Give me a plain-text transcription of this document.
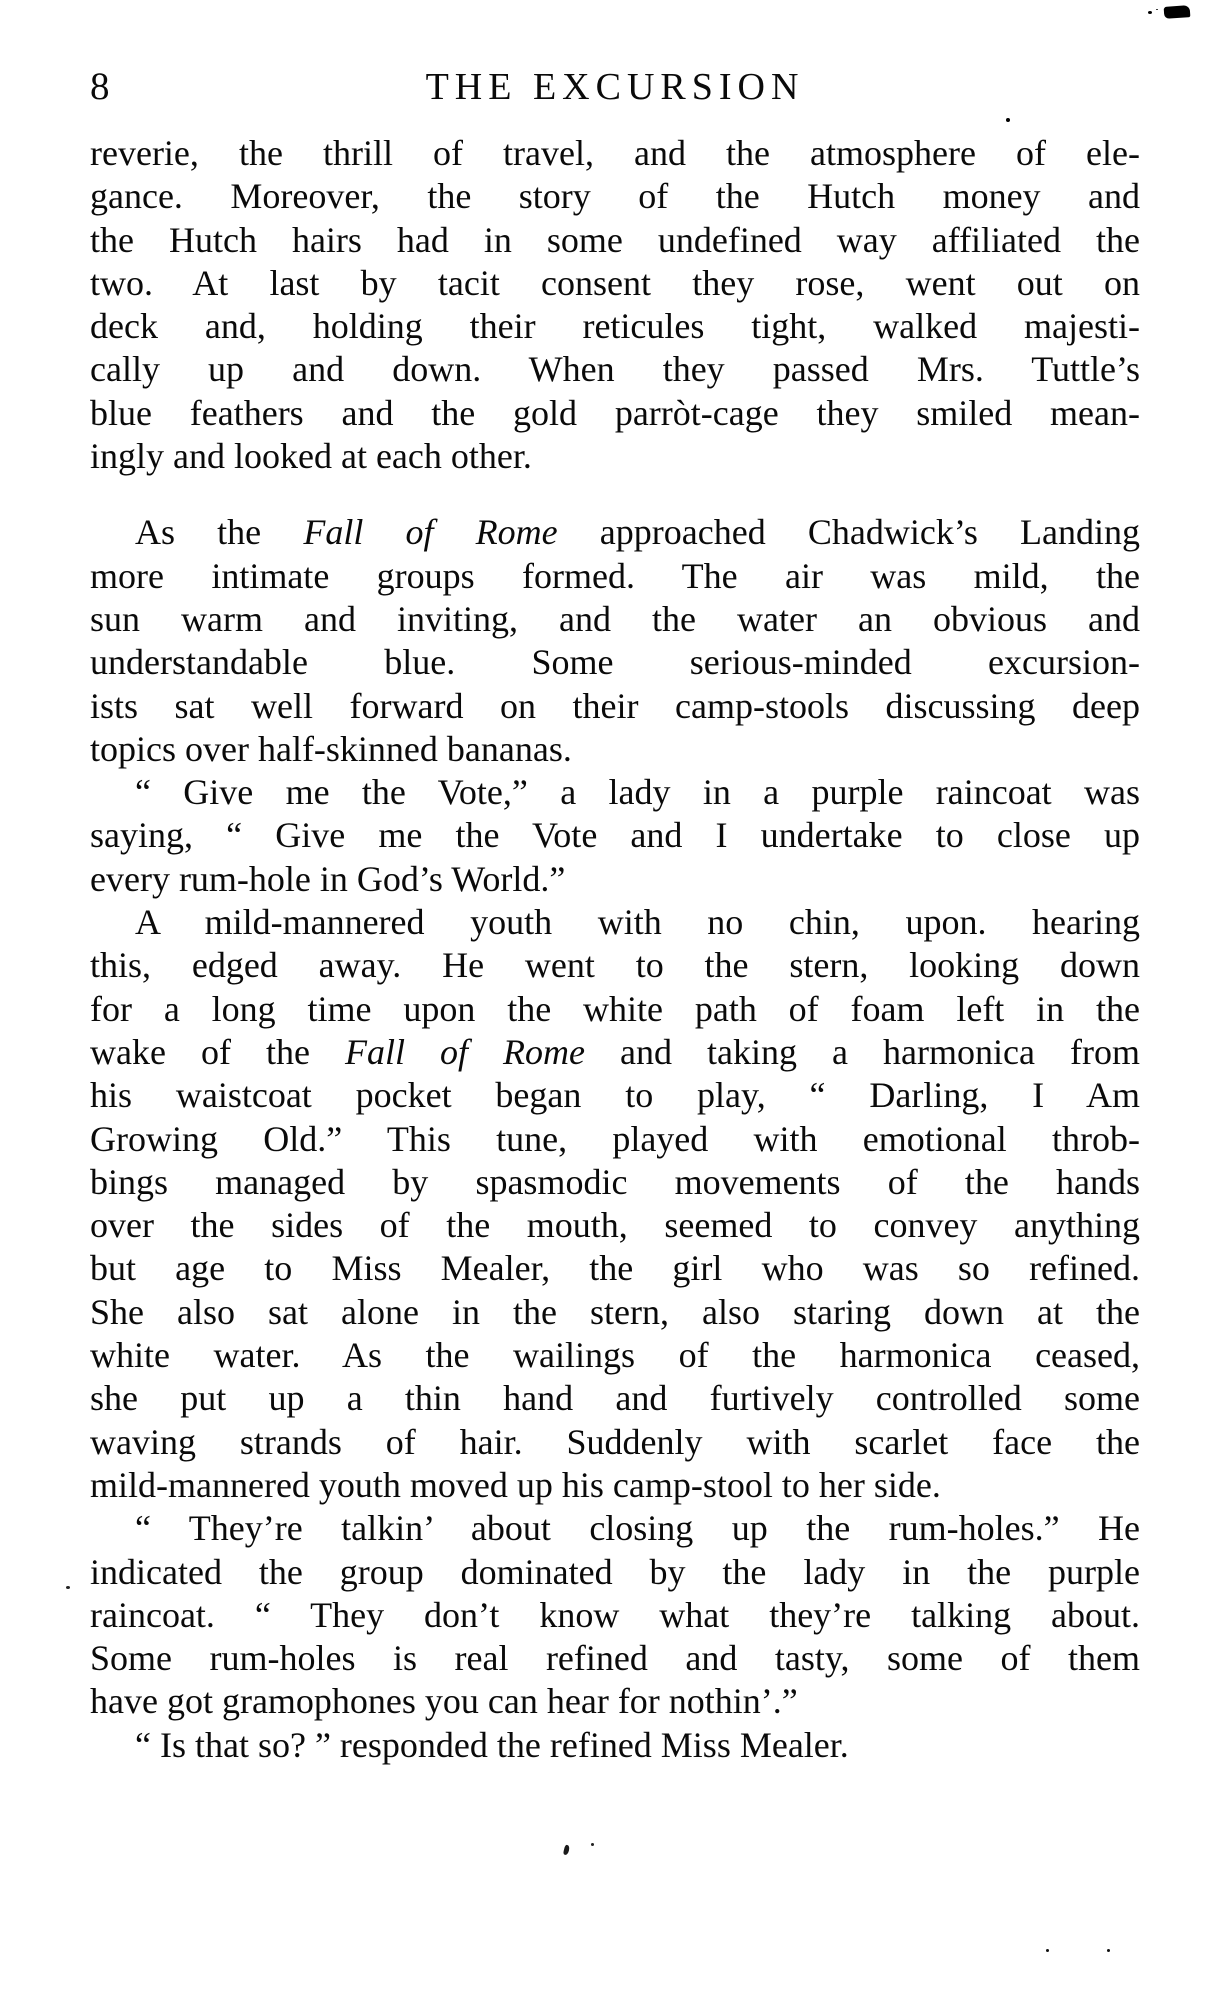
8	THE EXCURSION
reverie, the thrill of travel, and the atmosphere of ele-
gance. Moreover, the story of the Hutch money and
the Hutch hairs had in some undefined way affiliated the
two. At last by tacit consent they rose, went out on
deck and, holding their reticules tight, walked majesti-
cally up and down. When they passed Mrs. Tuttle’s
blue feathers and the gold parròt-cage they smiled mean-
ingly and looked at each other.
As the Fall of Rome approached Chadwick’s Landing
more intimate groups formed. The air was mild, the
sun warm and inviting, and the water an obvious and
understandable blue. Some serious-minded excursion-
ists sat well forward on their camp-stools discussing deep
topics over half-skinned bananas.
“ Give me the Vote,” a lady in a purple raincoat was
saying, “ Give me the Vote and I undertake to close up
every rum-hole in God’s World.”
A mild-mannered youth with no chin, upon. hearing
this, edged away. He went to the stern, looking down
for a long time upon the white path of foam left in the
wake of the Fall of Rome and taking a harmonica from
his waistcoat pocket began to play, “ Darling, I Am
Growing Old.” This tune, played with emotional throb-
bings managed by spasmodic movements of the hands
over the sides of the mouth, seemed to convey anything
but age to Miss Mealer, the girl who was so refined.
She also sat alone in the stern, also staring down at the
white water. As the wailings of the harmonica ceased,
she put up a thin hand and furtively controlled some
waving strands of hair. Suddenly with scarlet face the
mild-mannered youth moved up his camp-stool to her side.
“ They’re talkin’ about closing up the rum-holes.” He
indicated the group dominated by the lady in the purple
raincoat. “ They don’t know what they’re talking about.
Some rum-holes is real refined and tasty, some of them
have got gramophones you can hear for nothin’.”
“ Is that so? ” responded the refined Miss Mealer.
